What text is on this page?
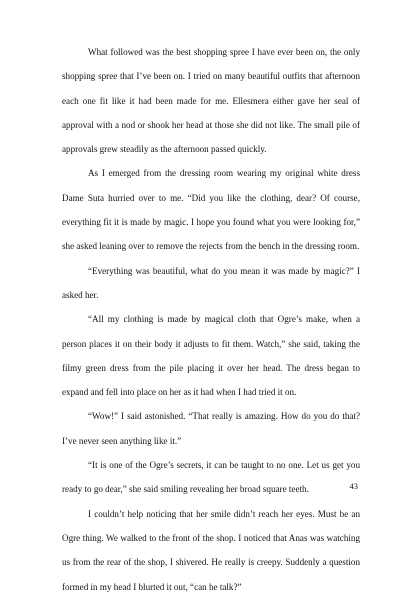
What followed was the best shopping spree I have ever been on, the only shopping spree that I’ve been on. I tried on many beautiful outfits that afternoon each one fit like it had been made for me. Ellesmera either gave her seal of approval with a nod or shook her head at those she did not like. The small pile of approvals grew steadily as the afternoon passed quickly.

As I emerged from the dressing room wearing my original white dress Dame Suta hurried over to me. “Did you like the clothing, dear? Of course, everything fit it is made by magic. I hope you found what you were looking for,” she asked leaning over to remove the rejects from the bench in the dressing room.

“Everything was beautiful, what do you mean it was made by magic?” I asked her.

“All my clothing is made by magical cloth that Ogre’s make, when a person places it on their body it adjusts to fit them. Watch,” she said, taking the filmy green dress from the pile placing it over her head. The dress began to expand and fell into place on her as it had when I had tried it on.

“Wow!” I said astonished. “That really is amazing. How do you do that? I’ve never seen anything like it.”

“It is one of the Ogre’s secrets, it can be taught to no one. Let us get you ready to go dear,” she said smiling revealing her broad square teeth.

I couldn’t help noticing that her smile didn’t reach her eyes. Must be an Ogre thing. We walked to the front of the shop. I noticed that Anas was watching us from the rear of the shop, I shivered. He really is creepy. Suddenly a question formed in my head I blurted it out, “can he talk?”

43
